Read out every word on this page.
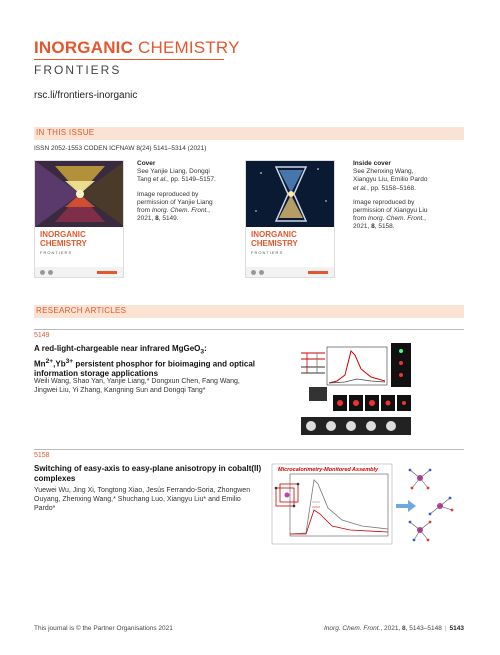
INORGANIC CHEMISTRY
FRONTIERS
rsc.li/frontiers-inorganic
IN THIS ISSUE
ISSN 2052-1553 CODEN ICFNAW 8(24) 5141–5314 (2021)
INORGANIC
CHEMISTRY
FRONTIERS
Cover
See Yanjie Liang, Dongqi Tang et al., pp. 5149–5157.
Image reproduced by permission of Yanjie Liang from Inorg. Chem. Front., 2021, 8, 5149.
INORGANIC
CHEMISTRY
FRONTIERS
Inside cover
See Zhenxing Wang, Xiangyu Liu, Emilio Pardo et al., pp. 5158–5168.
Image reproduced by permission of Xiangyu Liu from Inorg. Chem. Front., 2021, 8, 5158.
RESEARCH ARTICLES
5149
A red-light-chargeable near infrared MgGeO$_3$:
$Mn^{2+},Yb^{3+}$ persistent phosphor for bioimaging and optical information storage applications
Weili Wang, Shao Yan, Yanjie Liang,* Dongxun Chen, Fang Wang, Jingwei Liu, Yi Zhang, Kangning Sun and Dongqi Tang*
5158
Switching of easy-axis to easy-plane anisotropy in cobalt(II) complexes
Yuewei Wu, Jing Xi, Tongtong Xiao, Jesús Ferrando-Soria, Zhongwen Ouyang, Zhenxing Wang,* Shuchang Luo, Xiangyu Liu* and Emilio Pardo*
Microcalorimetry-Monitored Assembly
This journal is © the Partner Organisations 2021	Inorg. Chem. Front., 2021, 8, 5143–5148 | 5143
